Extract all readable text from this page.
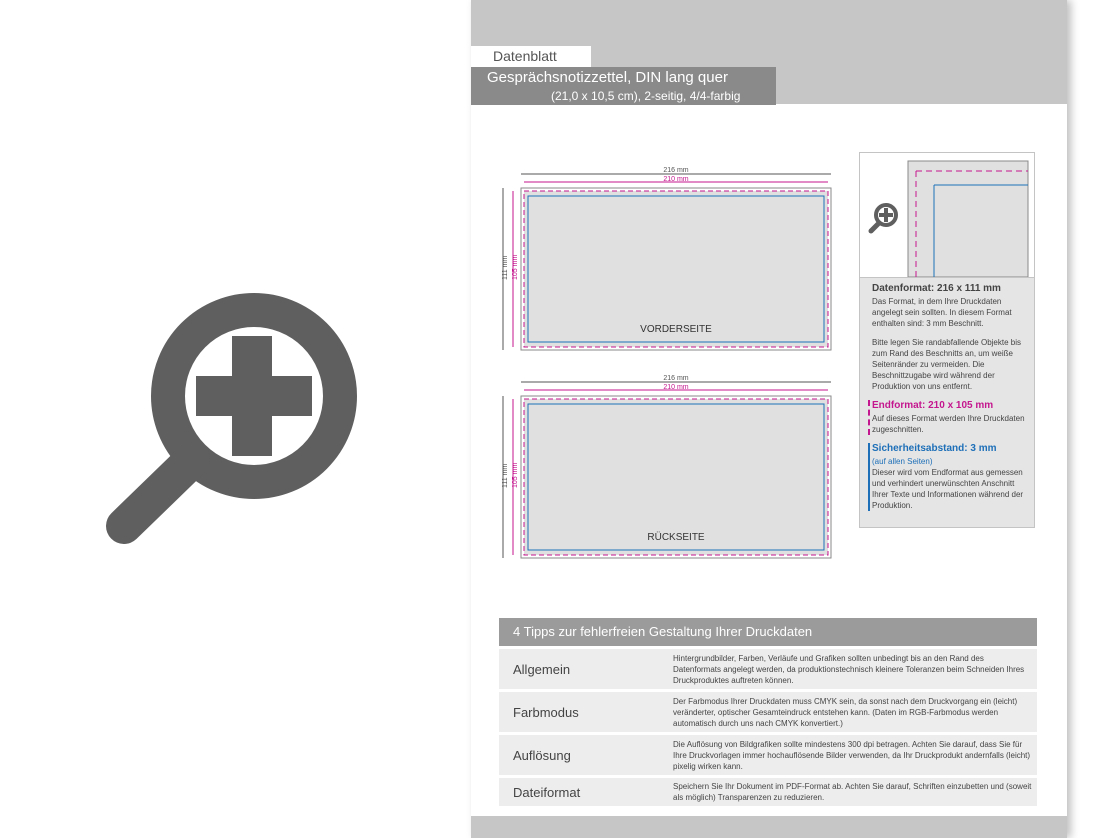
Datenblatt
Gesprächsnotizzettel, DIN lang quer
(21,0 x 10,5 cm), 2-seitig, 4/4-farbig
216 mm
210 mm
111 mm 105 mm
VORDERSEITE
216 mm
210 mm
111 mm 105 mm
RÜCKSEITE
Datenformat: 216 x 111 mm
Das Format, in dem Ihre Druckdaten angelegt sein sollten. In diesem Format enthalten sind: 3 mm Beschnitt.
Bitte legen Sie randabfallende Objekte bis zum Rand des Beschnitts an, um weiße Seitenränder zu vermeiden. Die Beschnittzugabe wird während der Produktion von uns entfernt.
Endformat: 210 x 105 mm
Auf dieses Format werden Ihre Druckdaten zugeschnitten.
Sicherheitsabstand: 3 mm
(auf allen Seiten)
Dieser wird vom Endformat aus gemessen und verhindert unerwünschten Anschnitt Ihrer Texte und Informationen während der Produktion.
4 Tipps zur fehlerfreien Gestaltung Ihrer Druckdaten
Allgemein
Hintergrundbilder, Farben, Verläufe und Grafiken sollten unbedingt bis an den Rand des Datenformats angelegt werden, da produktionstechnisch kleinere Toleranzen beim Schneiden Ihres Druckproduktes auftreten können.
Farbmodus
Der Farbmodus Ihrer Druckdaten muss CMYK sein, da sonst nach dem Druckvorgang ein (leicht) veränderter, optischer Gesamteindruck entstehen kann. (Daten im RGB-Farbmodus werden automatisch durch uns nach CMYK konvertiert.)
Auflösung
Die Auflösung von Bildgrafiken sollte mindestens 300 dpi betragen. Achten Sie darauf, dass Sie für Ihre Druckvorlagen immer hochauflösende Bilder verwenden, da Ihr Druckprodukt andernfalls (leicht) pixelig wirken kann.
Dateiformat	Speichern Sie Ihr Dokument im PDF-Format ab. Achten Sie darauf, Schriften einzubetten und (soweit als möglich) Transparenzen zu reduzieren.
